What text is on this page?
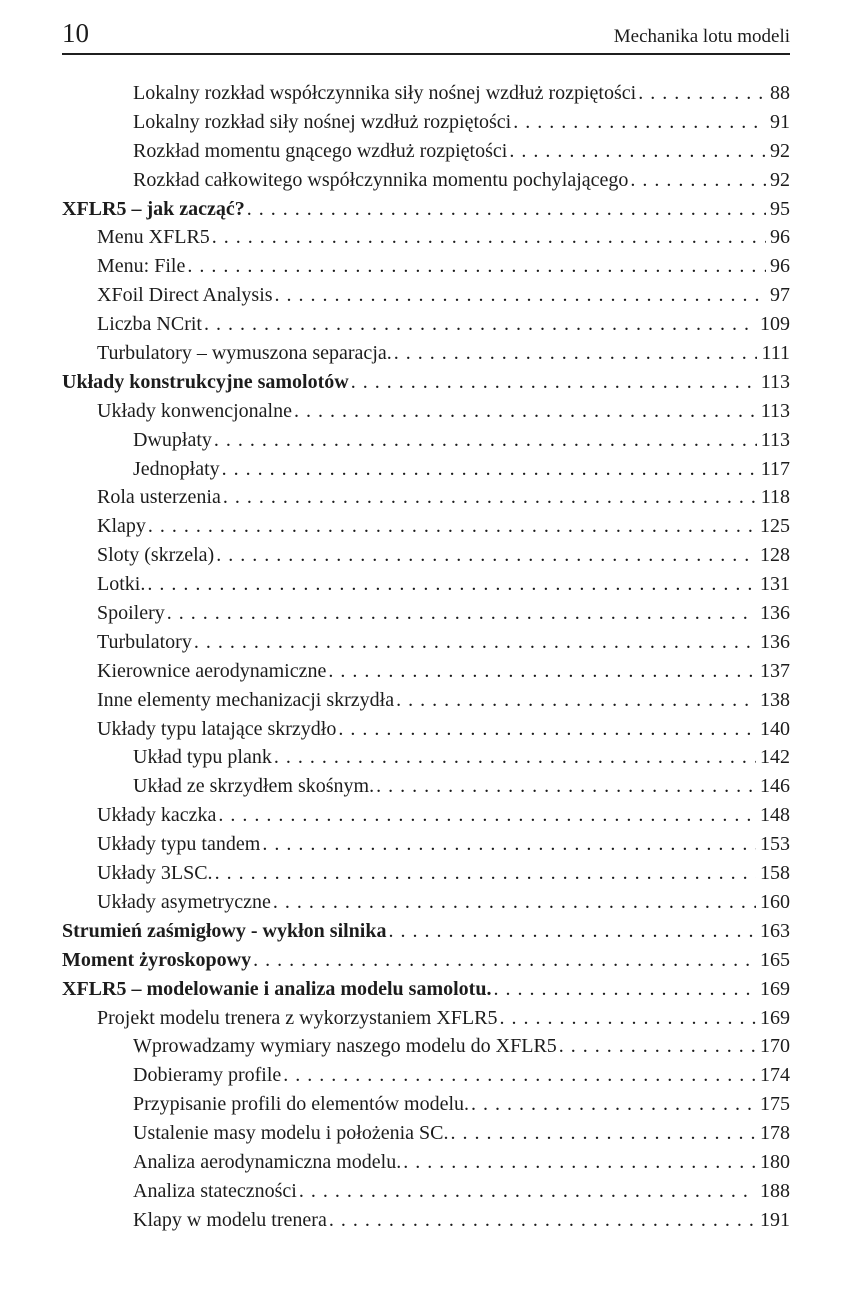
10	Mechanika lotu modeli
Lokalny rozkład współczynnika siły nośnej wzdłuż rozpiętości . . .	88
Lokalny rozkład siły nośnej wzdłuż rozpiętości . . .	91
Rozkład momentu gnącego wzdłuż rozpiętości . . .	92
Rozkład całkowitego współczynnika momentu pochylającego . . .	92
XFLR5 – jak zacząć? . . .	95
Menu XFLR5 . . .	96
Menu: File . . .	96
XFoil Direct Analysis . . .	97
Liczba NCrit . . .	109
Turbulatory – wymuszona separacja. . . .	111
Układy konstrukcyjne samolotów . . .	113
Układy konwencjonalne . . .	113
Dwupłaty . . .	113
Jednopłaty . . .	117
Rola usterzenia . . .	118
Klapy . . .	125
Sloty (skrzela) . . .	128
Lotki. . . .	131
Spoilery . . .	136
Turbulatory . . .	136
Kierownice aerodynamiczne . . .	137
Inne elementy mechanizacji skrzydła . . .	138
Układy typu latające skrzydło . . .	140
Układ typu plank . . .	142
Układ ze skrzydłem skośnym. . . .	146
Układy kaczka . . .	148
Układy typu tandem . . .	153
Układy 3LSC. . . .	158
Układy asymetryczne . . .	160
Strumień zaśmigłowy - wykłon silnika . . .	163
Moment żyroskopowy . . .	165
XFLR5 – modelowanie i analiza modelu samolotu. . . .	169
Projekt modelu trenera z wykorzystaniem XFLR5 . . .	169
Wprowadzamy wymiary naszego modelu do XFLR5 . . .	170
Dobieramy profile . . .	174
Przypisanie profili do elementów modelu. . . .	175
Ustalenie masy modelu i położenia SC. . . .	178
Analiza aerodynamiczna modelu. . . .	180
Analiza stateczności . . .	188
Klapy w modelu trenera . . .	191
